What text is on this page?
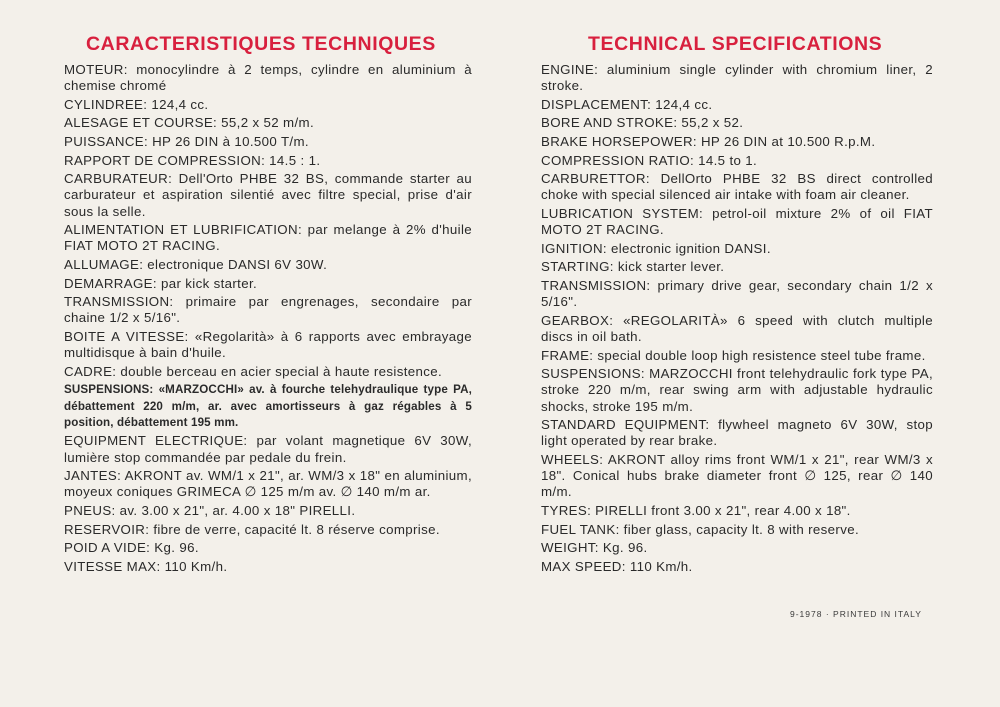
CARACTERISTIQUES TECHNIQUES

MOTEUR: monocylindre à 2 temps, cylindre en aluminium à chemise chromé

CYLINDREE: 124,4 cc.

ALESAGE ET COURSE: 55,2 x 52 m/m.

PUISSANCE: HP 26 DIN à 10.500 T/m.

RAPPORT DE COMPRESSION: 14.5 : 1.

CARBURATEUR: Dell'Orto PHBE 32 BS, commande starter au carburateur et aspiration silentié avec filtre special, prise d'air sous la selle.

ALIMENTATION ET LUBRIFICATION: par melange à 2% d'huile FIAT MOTO 2T RACING.

ALLUMAGE: electronique DANSI 6V 30W.

DEMARRAGE: par kick starter.

TRANSMISSION: primaire par engrenages, secondaire par chaine 1/2 x 5/16".

BOITE A VITESSE: «Regolarità» à 6 rapports avec embrayage multidisque à bain d'huile.

CADRE: double berceau en acier special à haute resistence.

SUSPENSIONS: «MARZOCCHI» av. à fourche telehydraulique type PA, débattement 220 m/m, ar. avec amortisseurs à gaz régables à 5 position, débattement 195 mm.

EQUIPMENT ELECTRIQUE: par volant magnetique 6V 30W, lumière stop commandée par pedale du frein.

JANTES: AKRONT av. WM/1 x 21", ar. WM/3 x 18" en aluminium, moyeux coniques GRIMECA ∅ 125 m/m av. ∅ 140 m/m ar.

PNEUS: av. 3.00 x 21", ar. 4.00 x 18" PIRELLI.

RESERVOIR: fibre de verre, capacité lt. 8 réserve comprise.

POID A VIDE: Kg. 96.

VITESSE MAX: 110 Km/h.

TECHNICAL SPECIFICATIONS

ENGINE: aluminium single cylinder with chromium liner, 2 stroke.

DISPLACEMENT: 124,4 cc.

BORE AND STROKE: 55,2 x 52.

BRAKE HORSEPOWER: HP 26 DIN at 10.500 R.p.M.

COMPRESSION RATIO: 14.5 to 1.

CARBURETTOR: DellOrto PHBE 32 BS direct controlled choke with special silenced air intake with foam air cleaner.

LUBRICATION SYSTEM: petrol-oil mixture 2% of oil FIAT MOTO 2T RACING.

IGNITION: electronic ignition DANSI.

STARTING: kick starter lever.

TRANSMISSION: primary drive gear, secondary chain 1/2 x 5/16".

GEARBOX: «REGOLARITÀ» 6 speed with clutch multiple discs in oil bath.

FRAME: special double loop high resistence steel tube frame.

SUSPENSIONS: MARZOCCHI front telehydraulic fork type PA, stroke 220 m/m, rear swing arm with adjustable hydraulic shocks, stroke 195 m/m.

STANDARD EQUIPMENT: flywheel magneto 6V 30W, stop light operated by rear brake.

WHEELS: AKRONT alloy rims front WM/1 x 21", rear WM/3 x 18". Conical hubs brake diameter front ∅ 125, rear ∅ 140 m/m.

TYRES: PIRELLI front 3.00 x 21", rear 4.00 x 18".

FUEL TANK: fiber glass, capacity lt. 8 with reserve.

WEIGHT: Kg. 96.

MAX SPEED: 110 Km/h.

9-1978 · PRINTED IN ITALY
